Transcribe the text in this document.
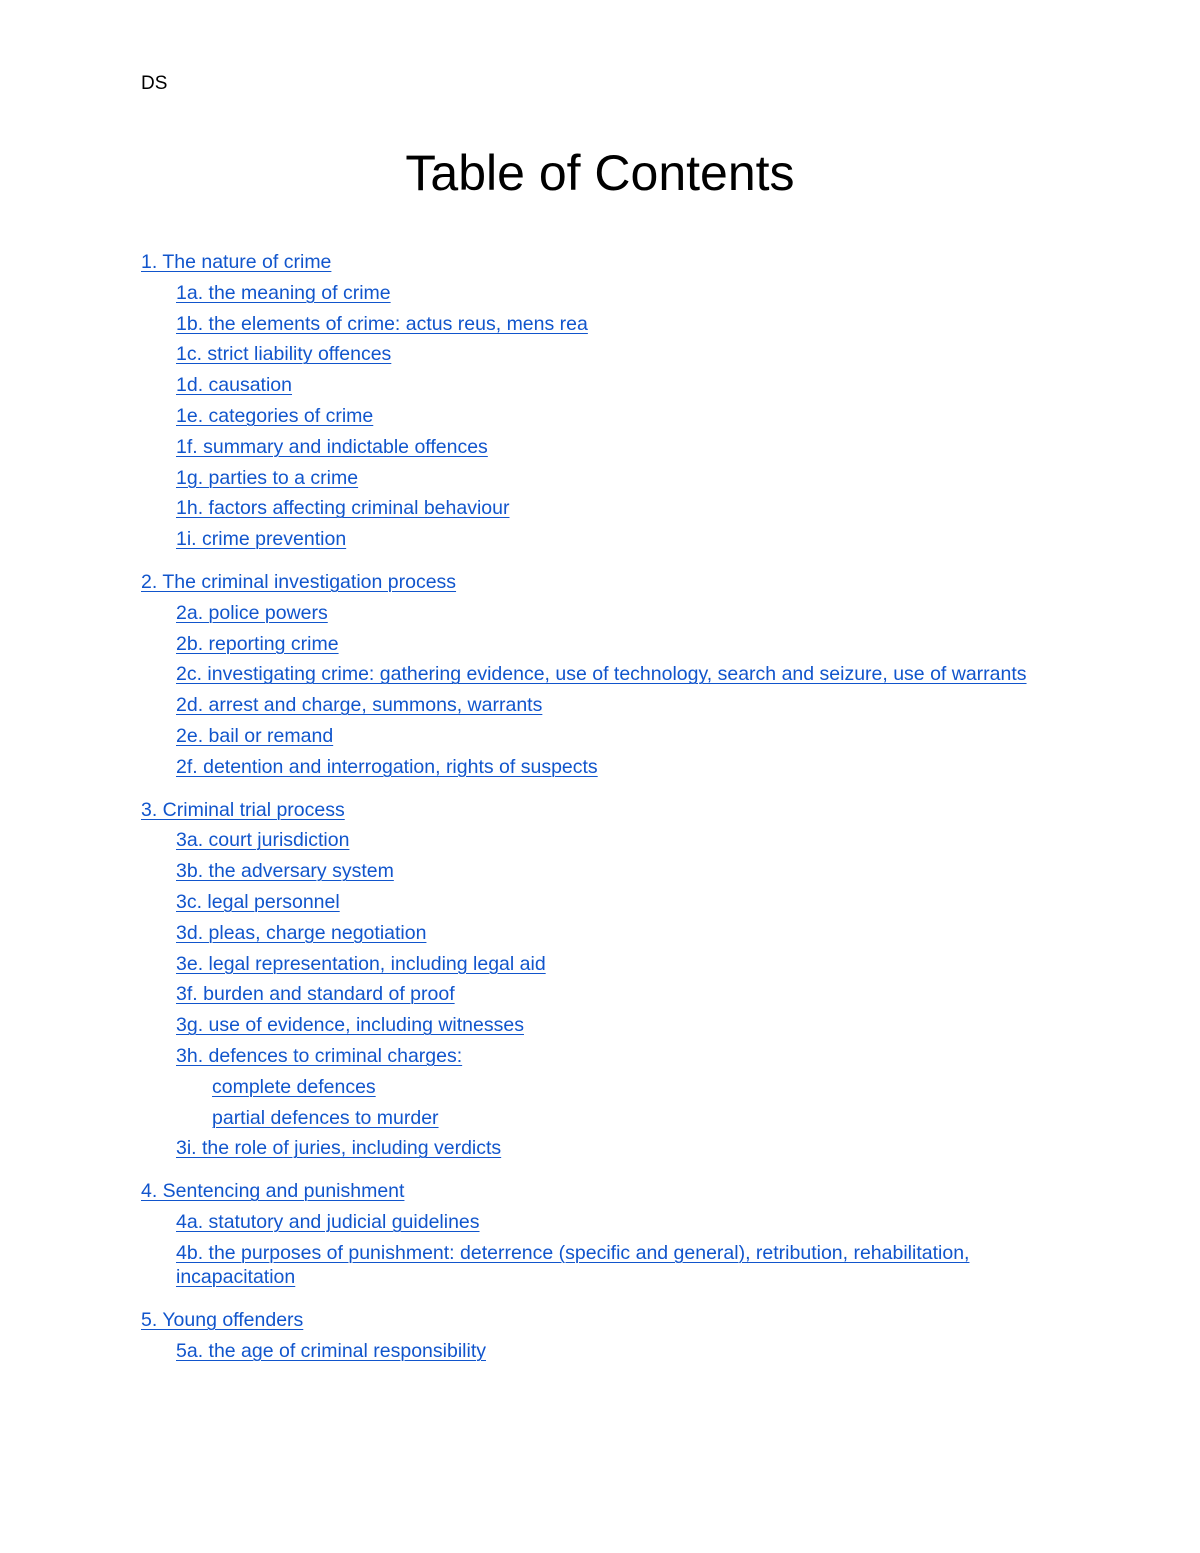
DS
Table of Contents
1. The nature of crime
1a. the meaning of crime
1b. the elements of crime: actus reus, mens rea
1c. strict liability offences
1d. causation
1e. categories of crime
1f. summary and indictable offences
1g. parties to a crime
1h. factors affecting criminal behaviour
1i. crime prevention
2. The criminal investigation process
2a. police powers
2b. reporting crime
2c. investigating crime: gathering evidence, use of technology, search and seizure, use of warrants
2d. arrest and charge, summons, warrants
2e. bail or remand
2f. detention and interrogation, rights of suspects
3. Criminal trial process
3a. court jurisdiction
3b. the adversary system
3c. legal personnel
3d. pleas, charge negotiation
3e. legal representation, including legal aid
3f. burden and standard of proof
3g. use of evidence, including witnesses
3h. defences to criminal charges:
complete defences
partial defences to murder
3i. the role of juries, including verdicts
4. Sentencing and punishment
4a. statutory and judicial guidelines
4b. the purposes of punishment: deterrence (specific and general), retribution, rehabilitation, incapacitation
5. Young offenders
5a. the age of criminal responsibility
